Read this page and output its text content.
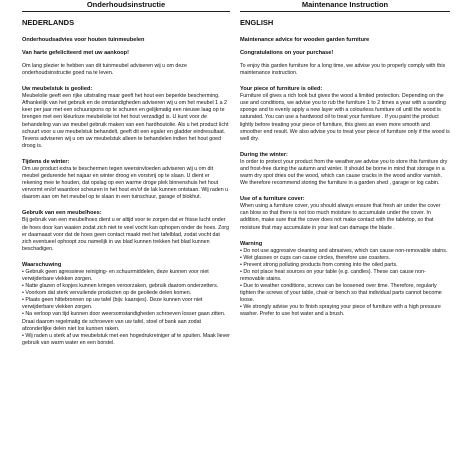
Onderhoudsinstructie
NEDERLANDS
Onderhoudsadvies voor houten tuinmeubelen
Van harte gefeliciteerd met uw aankoop!
Om lang plezier te hebben van dit tuinmeubel adviseren wij u om deze onderhoudsinstructie goed na te leven.
Uw meubelstuk is geolied:
Meubelolie geeft een rijke uitstraling maar geeft het hout een beperkte bescherming. Afhankelijk van het gebruik en de omstandigheden adviseren wij u om het meubel 1 a 2 keer per jaar met een schuurspons op te schuren en gelijkmatig een nieuwe laag op te brengen met een kleurloze meubelolie tot het hout verzadigd is. U kunt voor de behandeling van uw meubel gebruik maken van een hardhoutolie. Als u het product licht schuurt voor u uw meubelstuk behandelt, geeft dit een egaler en gladder eindresultaat. Tevens adviseren wij u om uw meubelstuk alleen te behandelen indien het hout goed droog is.
Tijdens de winter:
Om uw product extra te beschermen tegen weersinvloeden adviseren wij u om dit meubel gedurende het najaar en winter droog en vorstvrij op te slaan. U dient er rekening mee te houden, dat opslag op een warme droge plek binnenshuis het hout vervormt en/of waardoor scheuren in het hout en/of de lak kunnen ontstaan. Wij raden u daarom aan om het meubel op te slaan in een tuinschuur, garage of blokhut.
Gebruik van een meubelhoes:
Bij gebruik van een meubelhoes dient u er altijd voor te zorgen dat er frisse lucht onder de hoes door kan waaien zodat zich niet te veel vocht kan ophopen onder de hoes. Zorg er daarnaast voor dat de hoes geen contact maakt met het tafelblad, zodat vocht dat zich eventueel ophoopt zou namelijk in uw blad kunnen trekken het blad kunnen beschadigen.
Waarschuwing
• Gebruik geen agressieve reiniging- en schuurmiddelen, deze kunnen voor niet verwijderbare vlekken zorgen.
• Natte glazen of kopjes kunnen kringen veroorzaken, gebruik daarom onderzetters.
• Voorkom dat sterk vervuilende producten op de geoliede delen komen.
• Plaats geen hittebronnen op uw tafel (bijv. kaarsjes). Deze kunnen voor niet verwijderbare vlekken zorgen.
• Na verloop van tijd kunnen door weersomstandigheden schroeven losser gaan zitten. Draai daarom regelmatig de schroeven van uw tafel, stoel of bank aan zodat afzonderlijke delen niet los kunnen raken.
• Wij raden u sterk af uw meubelstuk met een hogedrukreiniger af te spuiten. Maak liever gebruik van warm water en een borstel.
Maintenance Instruction
ENGLISH
Maintenance advice for wooden garden furniture
Congratulations on your purchase!
To enjoy this garden furniture for a long time, we advise you to properly comply with this maintenance instruction.
Your piece of furniture is oiled:
Furniture oil gives a rich look but gives the wood a limited protection. Depending on the use and conditions, we advise you to rub the furniture 1 to 2 times a year with a sanding sponge and to evenly apply a new layer with a colourless furniture oil until the wood is saturated. You can use a hardwood oil to treat your furniture . If you paint the product lightly before treating your piece of furniture, this gives an even more smooth and smoother end result. We also advise you to treat your piece of furniture only if the wood is well dry.
During the winter:
In order to protect your product from the weather,we advise you to store this furniture dry and frost-free during the autumn and winter. It should be borne in mind that storage in a warm dry spot dries out the wood, which can cause cracks in the wood and/or varnish. We therefore recommend storing the furniture in a garden shed , garage or log cabin.
Use of a furniture cover:
When using a furniture cover, you should always ensure that fresh air under the cover can blow so that there is not too much moisture to accumulate under the cover. In addition, make sure that the cover does not make contact with the tabletop, so that moisture that may accumulate in your leaf can damage the blade .
Warning
• Do not use aggressive cleaning and abrasives, which can cause non-removable stains.
• Wet glasses or cups can cause circles, therefore use coasters.
• Prevent strong polluting products from coming into the oiled parts.
• Do not place heat sources on your table (e.g. candles). These can cause non-removable stains.
• Due to weather conditions, screws can be loosened over time. Therefore, regularly tighten the screws of your table, chair or bench so that individual parts cannot become loose.
• We strongly advise you to finish spraying your piece of furniture with a high pressure washer. Prefer to use hot water and a brush.
